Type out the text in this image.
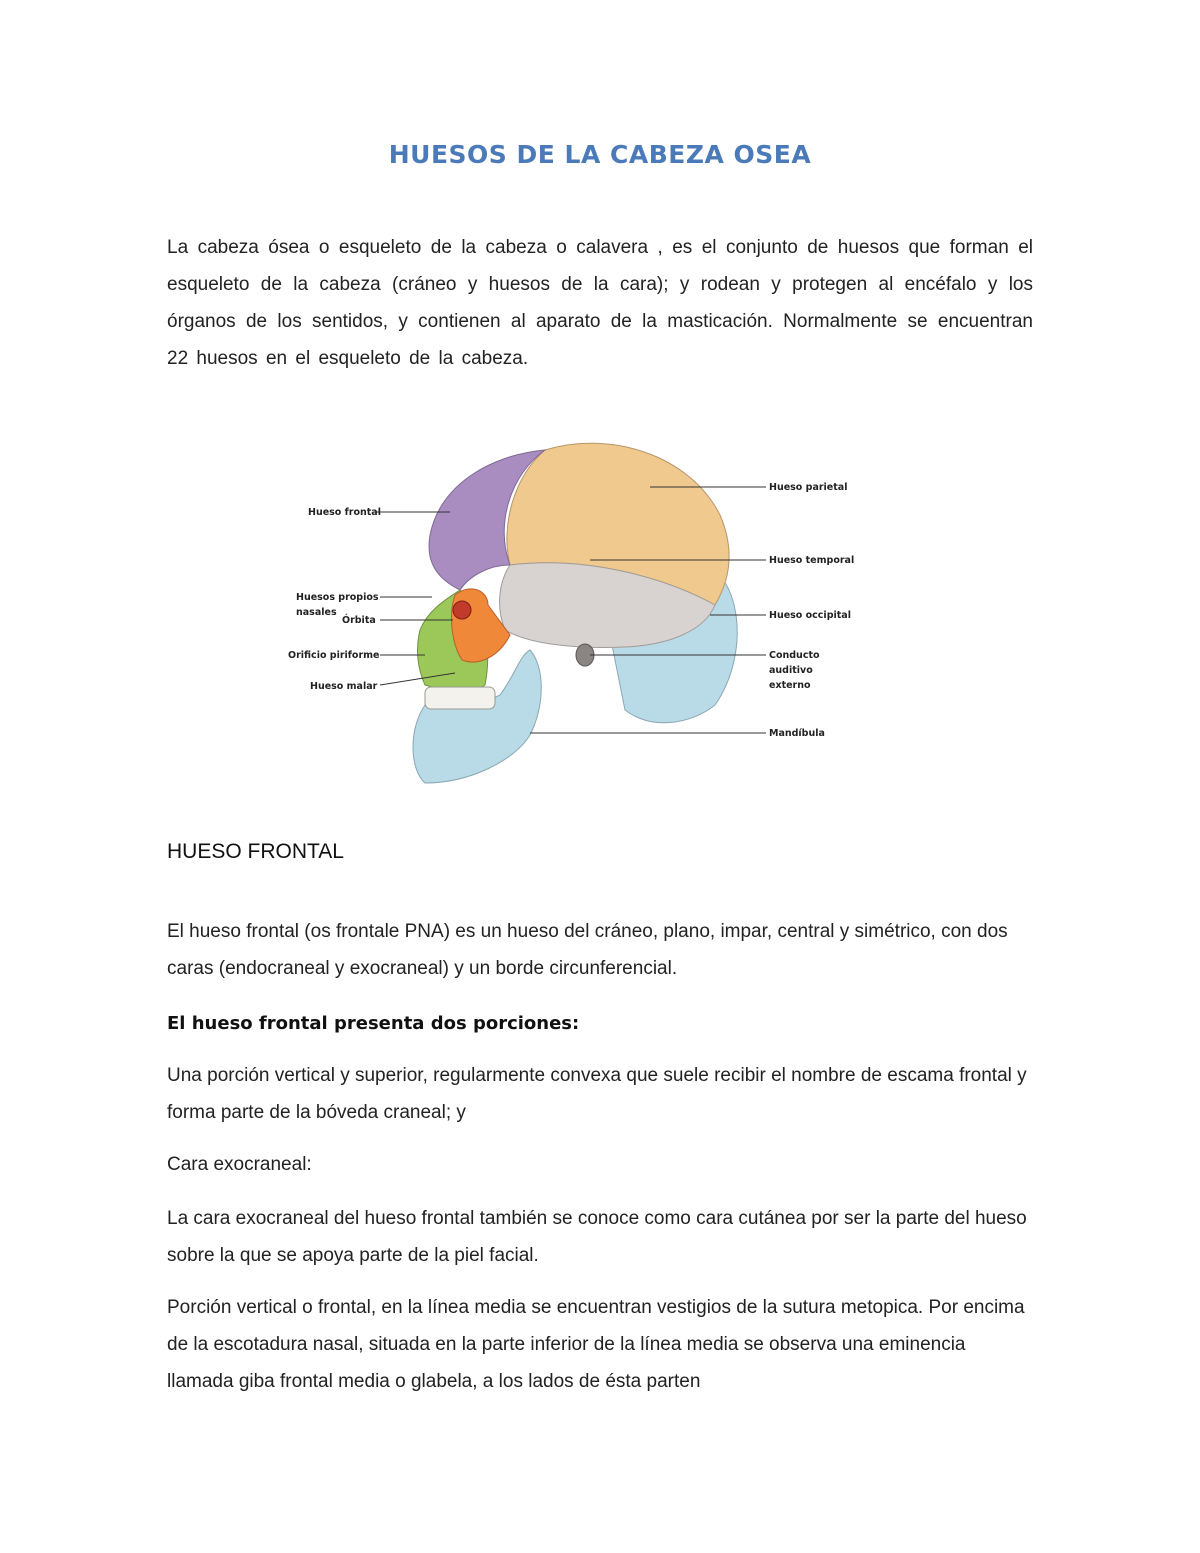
HUESOS DE LA CABEZA OSEA
La cabeza ósea o esqueleto de la cabeza o calavera , es el conjunto de huesos que forman el esqueleto de la cabeza (cráneo y huesos de la cara); y rodean y protegen al encéfalo y los órganos de los sentidos, y contienen al aparato de la masticación. Normalmente se encuentran 22 huesos en el esqueleto de la cabeza.
Hueso frontal
Huesos propios
nasales
Órbita
Orificio piriforme
Hueso malar
Hueso parietal
Hueso temporal
Hueso occipital
Conducto
auditivo
externo
Mandíbula
HUESO FRONTAL
El hueso frontal (os frontale PNA) es un hueso del cráneo, plano, impar, central y simétrico, con dos caras (endocraneal y exocraneal) y un borde circunferencial.
El hueso frontal presenta dos porciones:
Una porción vertical y superior, regularmente convexa que suele recibir el nombre de escama frontal y forma parte de la bóveda craneal; y
Cara exocraneal:
La cara exocraneal del hueso frontal también se conoce como cara cutánea por ser la parte del hueso sobre la que se apoya parte de la piel facial.
Porción vertical o frontal, en la línea media se encuentran vestigios de la sutura metopica. Por encima de la escotadura nasal, situada en la parte inferior de la línea media se observa una eminencia llamada giba frontal media o glabela, a los lados de ésta parten
